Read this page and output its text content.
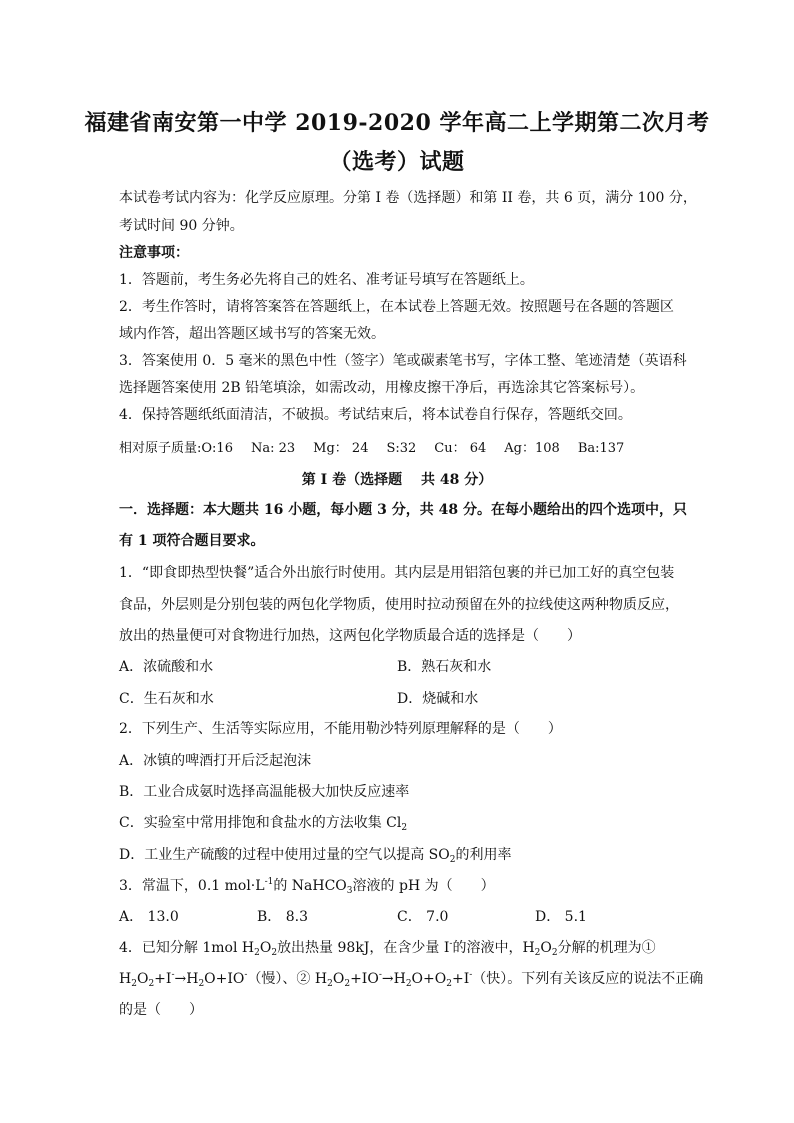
福建省南安第一中学 2019-2020 学年高二上学期第二次月考
（选考）试题
本试卷考试内容为：化学反应原理。分第 I 卷（选择题）和第 II 卷，共 6 页，满分 100 分，
考试时间 90 分钟。
注意事项：
1．答题前，考生务必先将自己的姓名、准考证号填写在答题纸上。
2．考生作答时，请将答案答在答题纸上，在本试卷上答题无效。按照题号在各题的答题区
域内作答，超出答题区域书写的答案无效。
3．答案使用 0．5 毫米的黑色中性（签字）笔或碳素笔书写，字体工整、笔迹清楚（英语科
选择题答案使用 2B 铅笔填涂，如需改动，用橡皮擦干净后，再选涂其它答案标号）。
4．保持答题纸纸面清洁，不破损。考试结束后，将本试卷自行保存，答题纸交回。
相对原子质量:O:16 Na: 23 Mg： 24 S:32 Cu： 64 Ag：108 Ba:137
第 I 卷（选择题　 共 48 分）
一．选择题：本大题共 16 小题，每小题 3 分，共 48 分。在每小题给出的四个选项中，只
有 1 项符合题目要求。
1．“即食即热型快餐”适合外出旅行时使用。其内层是用铝箔包裹的并已加工好的真空包装
食品，外层则是分别包装的两包化学物质，使用时拉动预留在外的拉线使这两种物质反应，
放出的热量便可对食物进行加热，这两包化学物质最合适的选择是（　　）
A．浓硫酸和水	B．熟石灰和水
C．生石灰和水	D．烧碱和水
2．下列生产、生活等实际应用，不能用勒沙特列原理解释的是（　　）
A．冰镇的啤酒打开后泛起泡沫
B．工业合成氨时选择高温能极大加快反应速率
C．实验室中常用排饱和食盐水的方法收集 $Cl_2$
D．工业生产硫酸的过程中使用过量的空气以提高 $SO_2$的利用率
3．常温下，0.1 $mol\cdot L^{-1}$的 NaHCO$_3$溶液的 pH 为（　　）
A． 13.0	B． 8.3	C． 7.0	D． 5.1
4．已知分解 1mol $H_2O_2$放出热量 98kJ，在含少量 I-的溶液中，$H_2O_2$分解的机理为①
$H_2O_2+I^-\to H_2O+IO^-$（慢）、② $H_2O_2+IO^-\to H_2O+O_2+I^-$（快）。下列有关该反应的说法不正确
的是（　　）
